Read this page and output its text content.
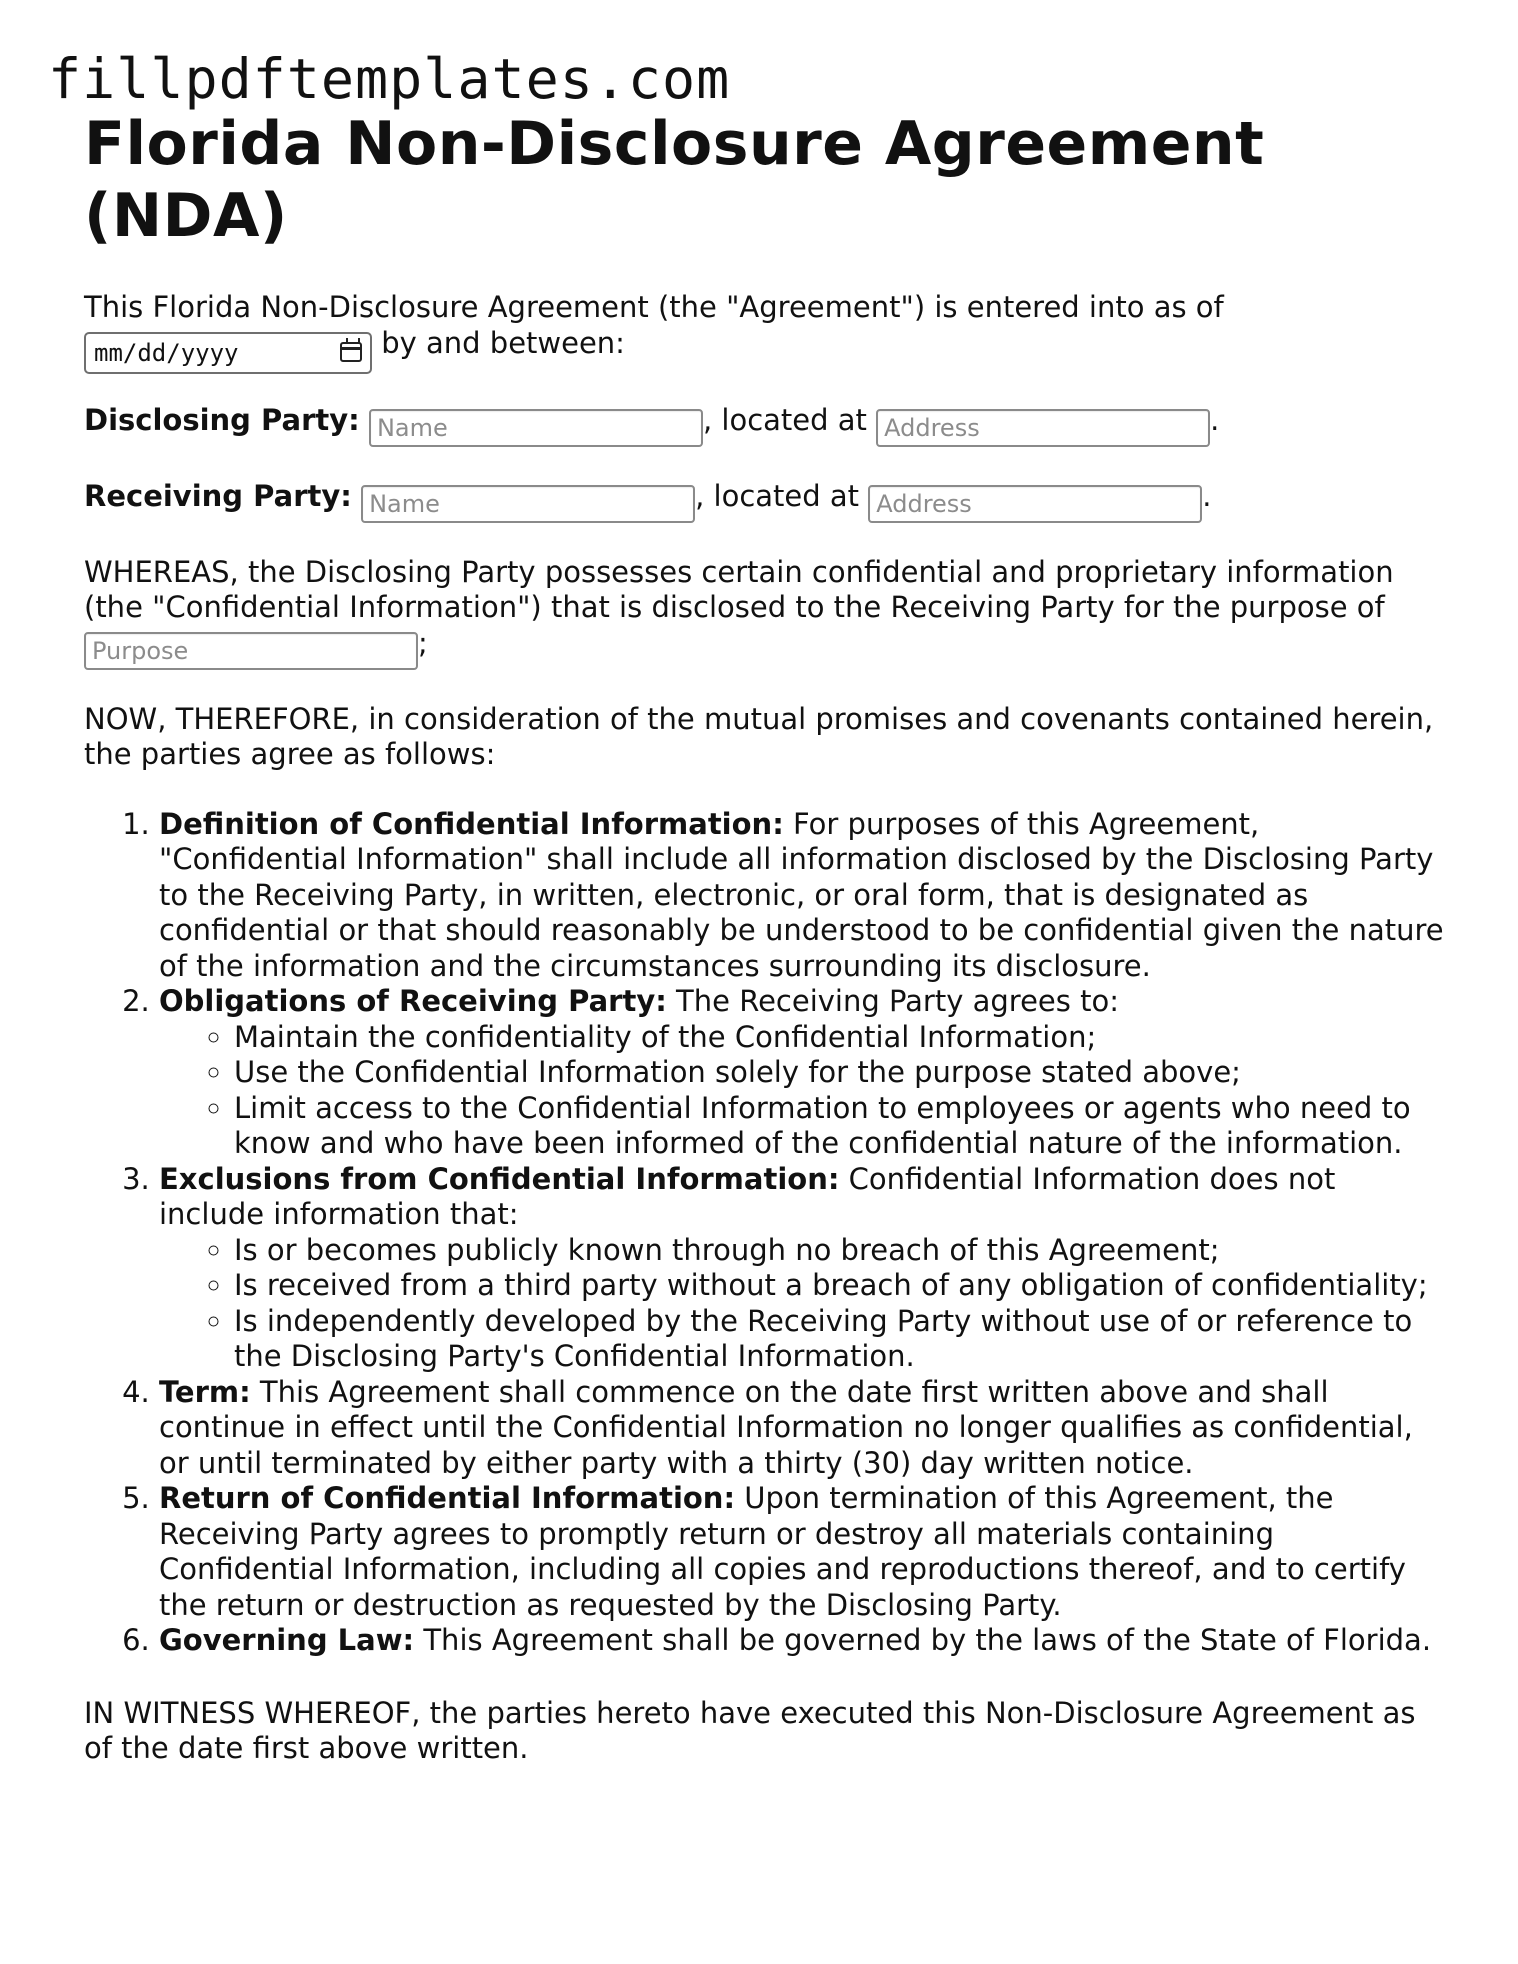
fillpdftemplates.com
Florida Non-Disclosure Agreement (NDA)

This Florida Non-Disclosure Agreement (the "Agreement") is entered into as of
mm/dd/yyyy	by and between:

Disclosing Party: Name	, located at Address	.

Receiving Party: Name	, located at Address	.

WHEREAS, the Disclosing Party possesses certain confidential and proprietary information (the "Confidential Information") that is disclosed to the Receiving Party for the purpose of
Purpose;

NOW, THEREFORE, in consideration of the mutual promises and covenants contained herein, the parties agree as follows:

1. Definition of Confidential Information: For purposes of this Agreement, "Confidential Information" shall include all information disclosed by the Disclosing Party to the Receiving Party, in written, electronic, or oral form, that is designated as confidential or that should reasonably be understood to be confidential given the nature of the information and the circumstances surrounding its disclosure.
2. Obligations of Receiving Party: The Receiving Party agrees to:
◦ Maintain the confidentiality of the Confidential Information;
◦ Use the Confidential Information solely for the purpose stated above;
◦ Limit access to the Confidential Information to employees or agents who need to know and who have been informed of the confidential nature of the information.
3. Exclusions from Confidential Information: Confidential Information does not include information that:
◦ Is or becomes publicly known through no breach of this Agreement;
◦ Is received from a third party without a breach of any obligation of confidentiality;
◦ Is independently developed by the Receiving Party without use of or reference to the Disclosing Party's Confidential Information.
4. Term: This Agreement shall commence on the date first written above and shall continue in effect until the Confidential Information no longer qualifies as confidential, or until terminated by either party with a thirty (30) day written notice.
5. Return of Confidential Information: Upon termination of this Agreement, the Receiving Party agrees to promptly return or destroy all materials containing Confidential Information, including all copies and reproductions thereof, and to certify the return or destruction as requested by the Disclosing Party.
6. Governing Law: This Agreement shall be governed by the laws of the State of Florida.

IN WITNESS WHEREOF, the parties hereto have executed this Non-Disclosure Agreement as of the date first above written.
